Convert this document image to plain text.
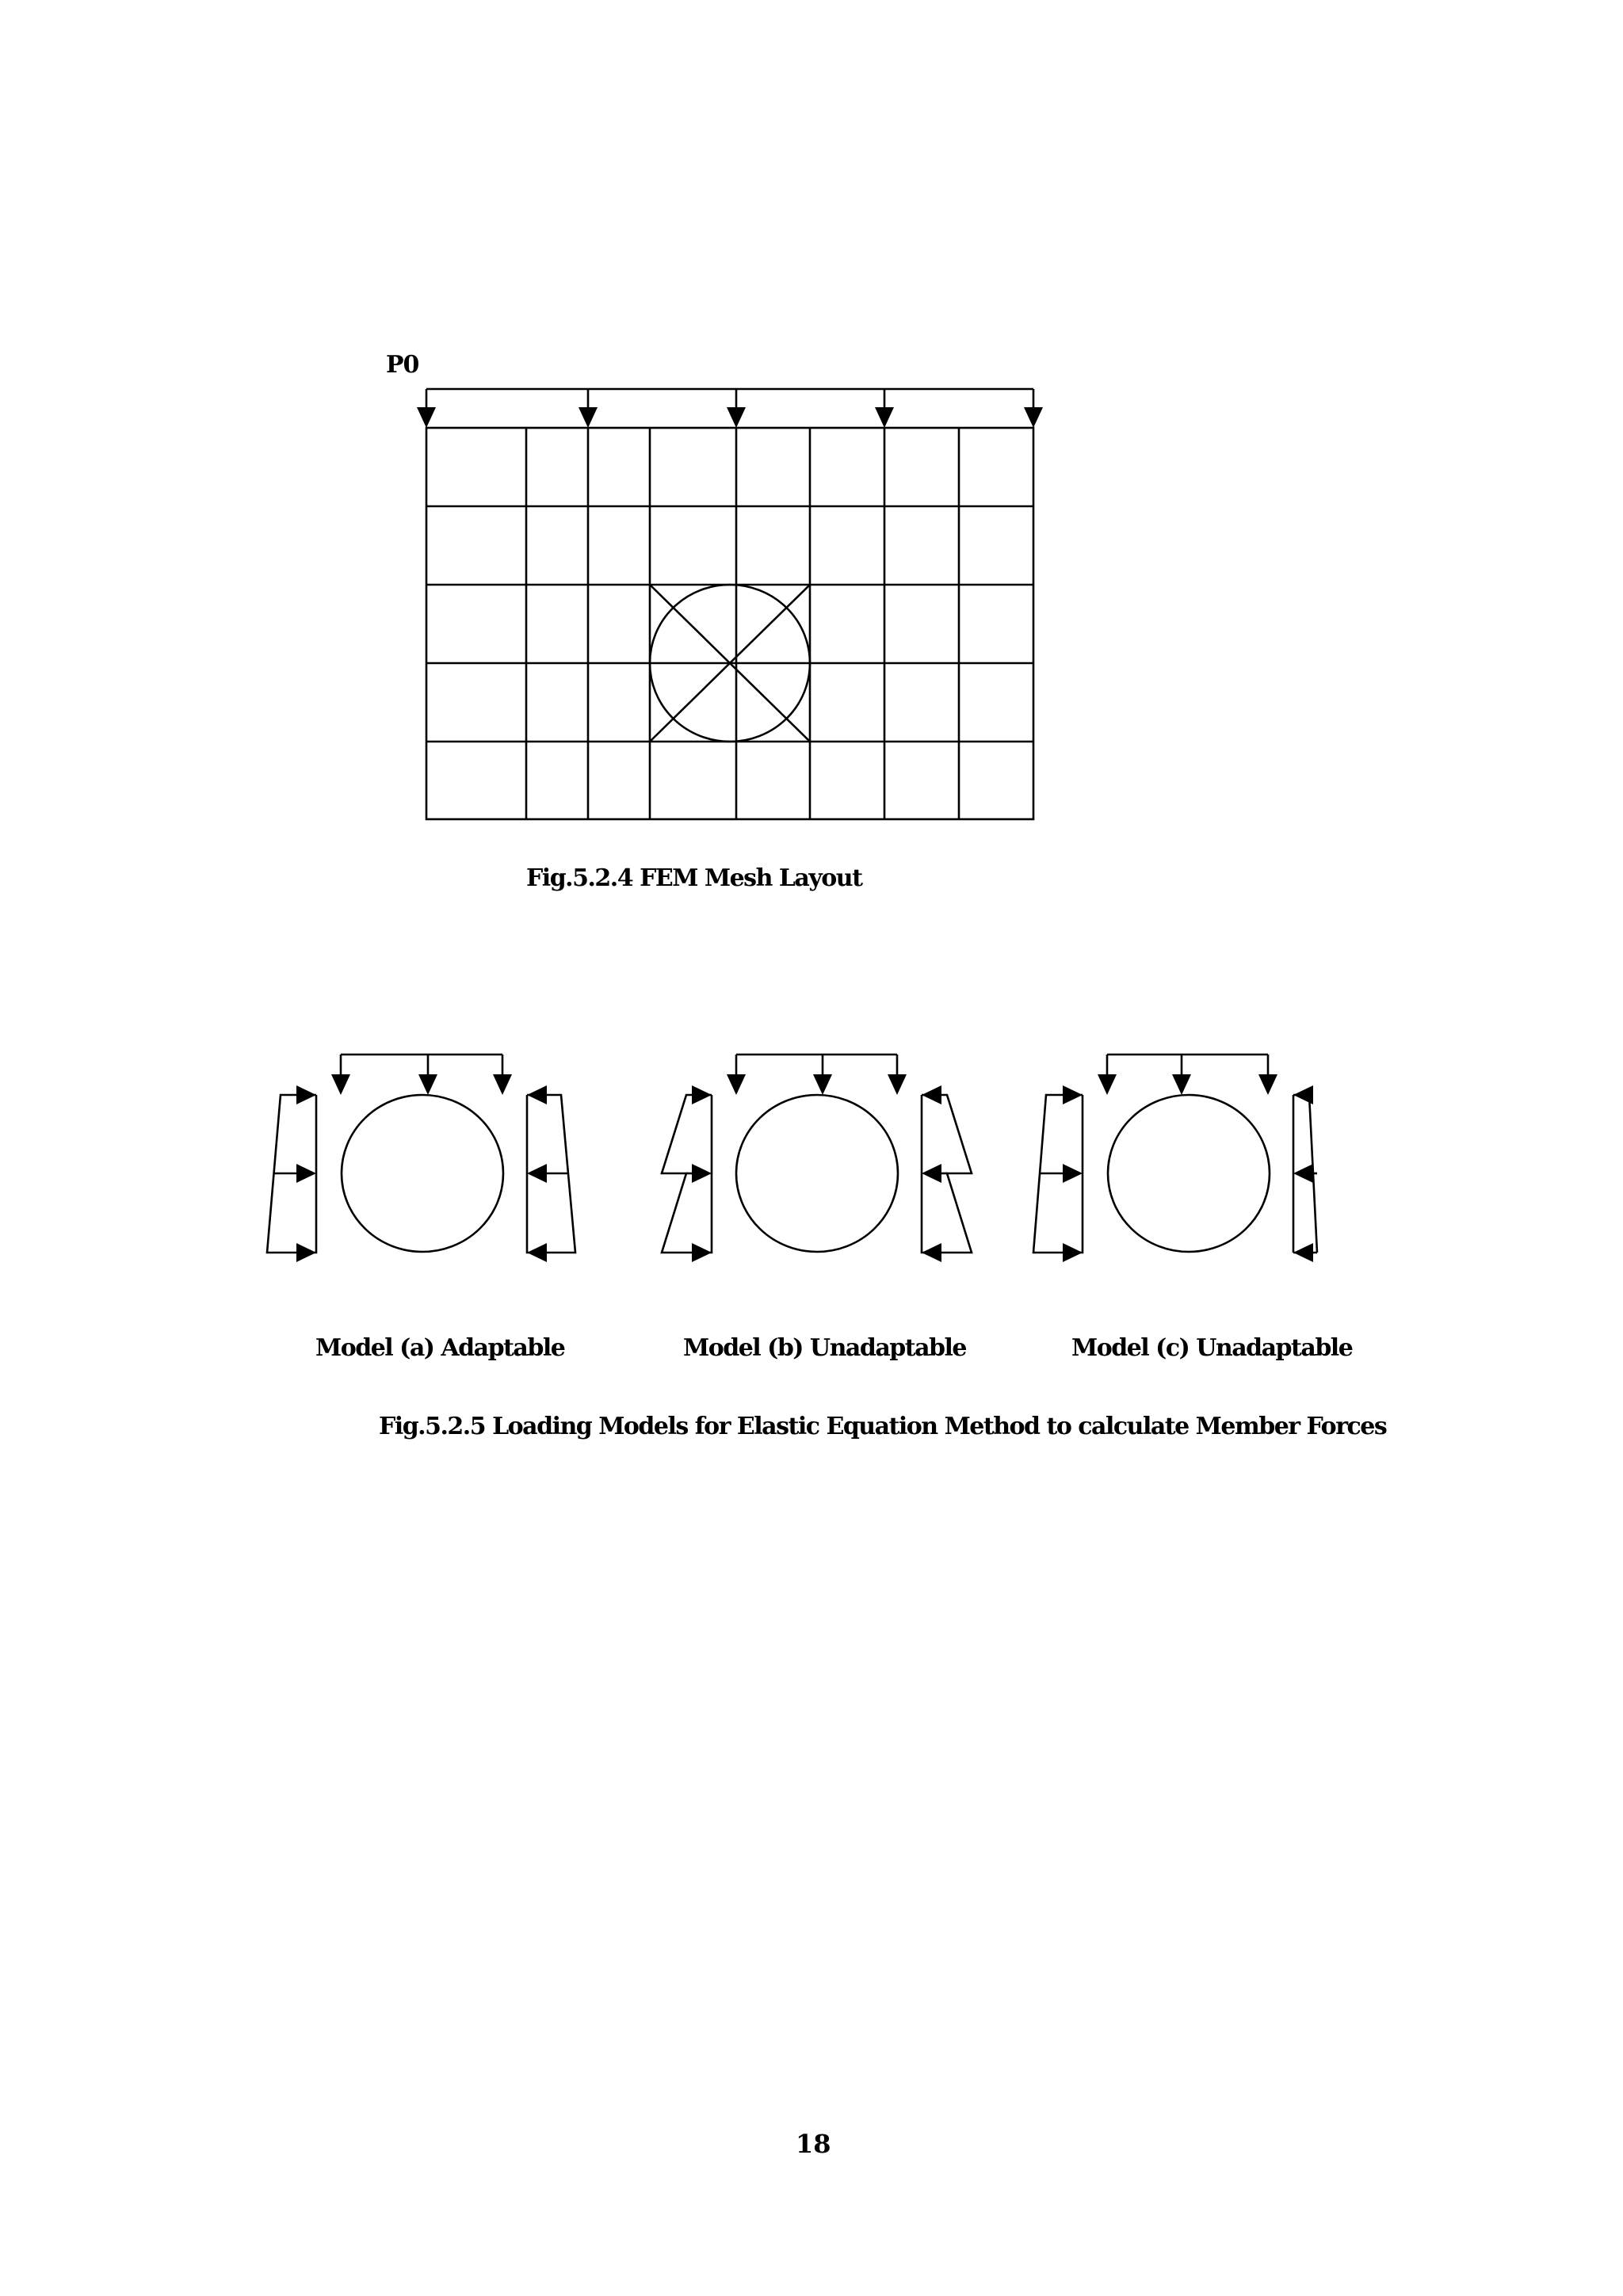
P0
Fig.5.2.4 FEM Mesh Layout
Model (a) Adaptable	Model (b) Unadaptable	Model (c) Unadaptable
Fig.5.2.5 Loading Models for Elastic Equation Method to calculate Member Forces
18
